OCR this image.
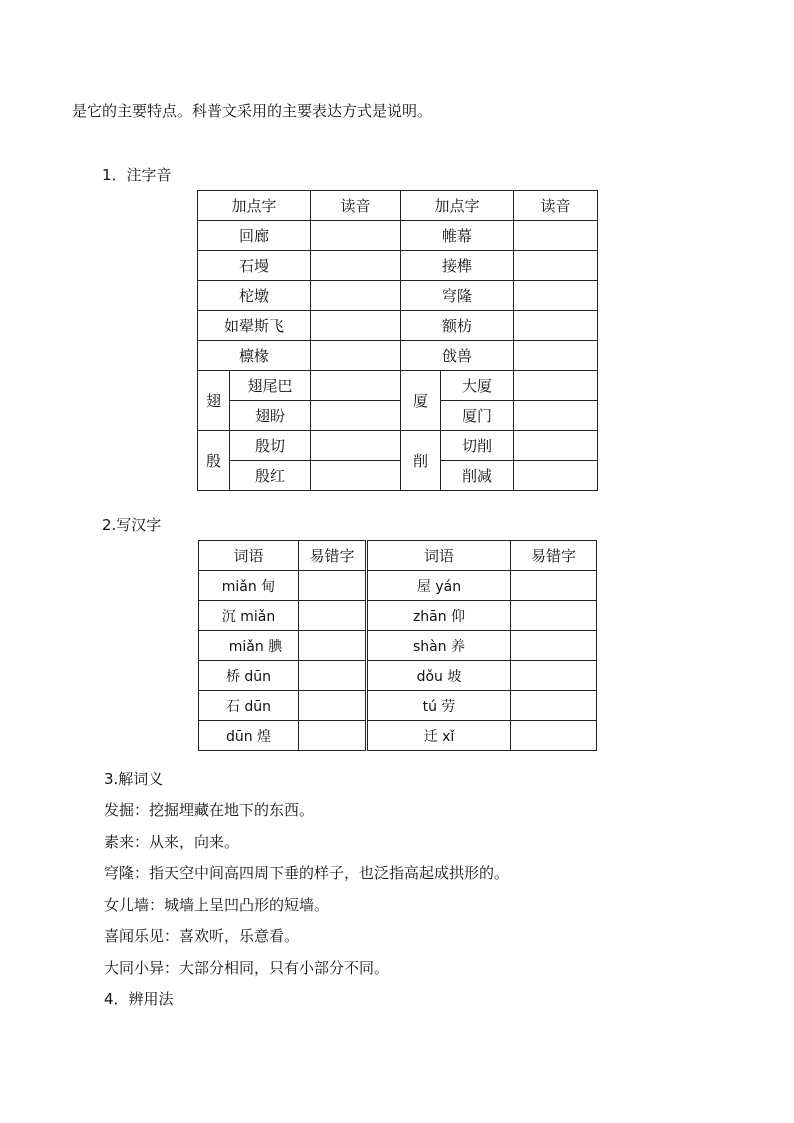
是它的主要特点。科普文采用的主要表达方式是说明。
1．注字音
加点字		读音	加点字		读音
回廊			帷幕		
石墁			接榫		
柁墩			穹隆		
如翚斯飞			额枋		
檩椽			戗兽		
翅	翅尾巴		厦	大厦	
	翅盼			厦门	
殷	殷切		削	切削	
	殷红			削减	
2.写汉字
词语	易错字	词语	易错字
miǎn 甸		屋 yán	
沉 miǎn		zhān 仰	
miǎn 腆		shàn 养	
桥 dūn		dǒu 坡	
石 dūn		tú 劳	
dūn 煌		迁 xǐ	
3.解词义
发掘：挖掘埋藏在地下的东西。
素来：从来，向来。
穹隆：指天空中间高四周下垂的样子，也泛指高起成拱形的。
女儿墙：城墙上呈凹凸形的短墙。
喜闻乐见：喜欢听，乐意看。
大同小异：大部分相同，只有小部分不同。
4．辨用法
